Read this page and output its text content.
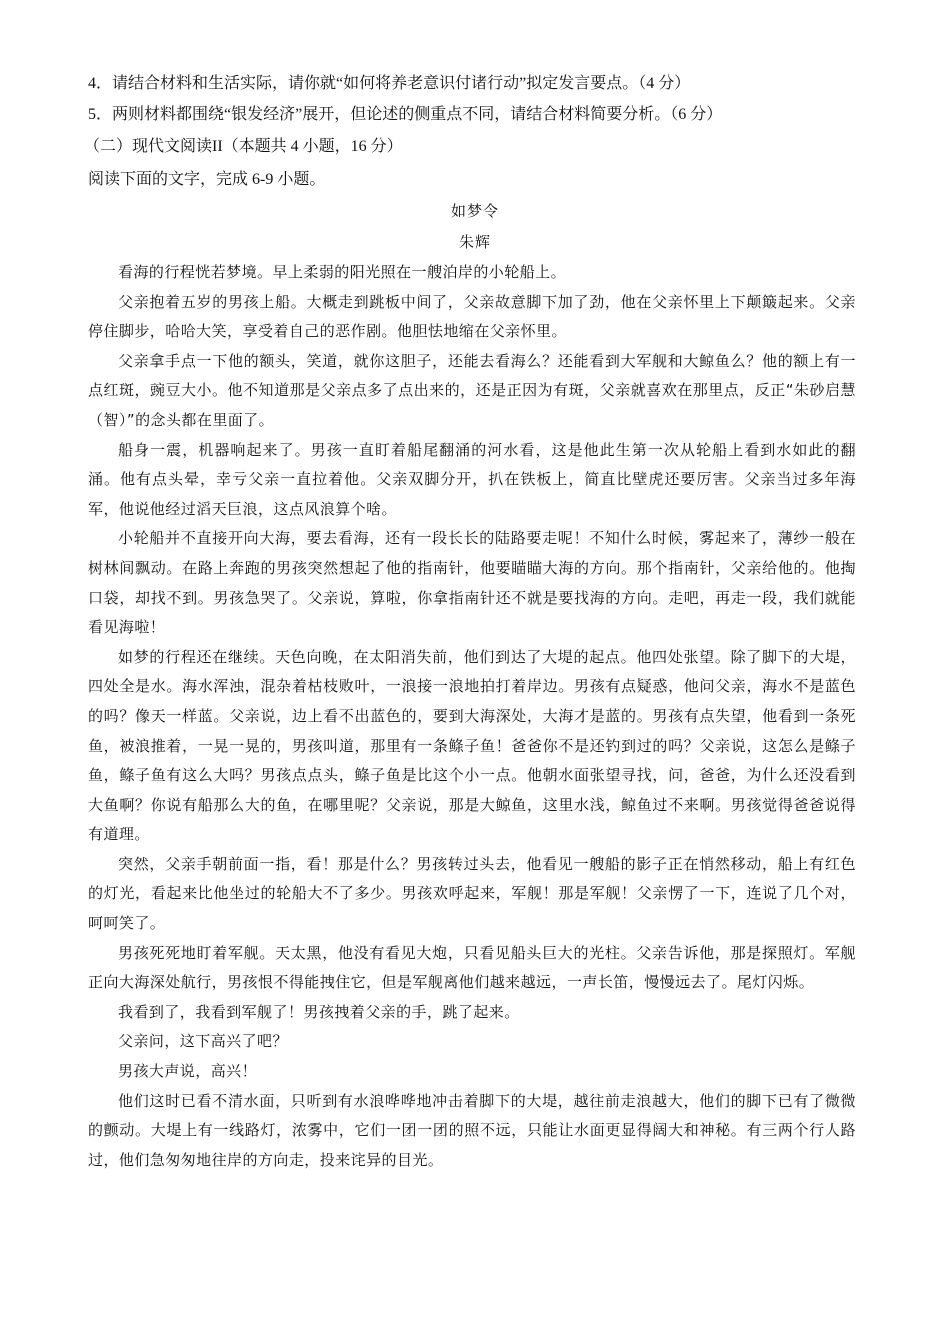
4．请结合材料和生活实际，请你就“如何将养老意识付诸行动”拟定发言要点。（4 分）
5．两则材料都围绕“银发经济”展开，但论述的侧重点不同，请结合材料简要分析。（6 分）
（二）现代文阅读II（本题共 4 小题，16 分）
阅读下面的文字，完成 6-9 小题。
如梦令
朱辉

看海的行程恍若梦境。早上柔弱的阳光照在一艘泊岸的小轮船上。

父亲抱着五岁的男孩上船。大概走到跳板中间了，父亲故意脚下加了劲，他在父亲怀里上下颠簸起来。父亲停住脚步，哈哈大笑，享受着自己的恶作剧。他胆怯地缩在父亲怀里。

父亲拿手点一下他的额头，笑道，就你这胆子，还能去看海么？还能看到大军舰和大鲸鱼么？他的额上有一点红斑，豌豆大小。他不知道那是父亲点多了点出来的，还是正因为有斑，父亲就喜欢在那里点，反正“朱砂启慧（智）”的念头都在里面了。

船身一震，机器响起来了。男孩一直盯着船尾翻涌的河水看，这是他此生第一次从轮船上看到水如此的翻涌。他有点头晕，幸亏父亲一直拉着他。父亲双脚分开，扒在铁板上，简直比壁虎还要厉害。父亲当过多年海军，他说他经过滔天巨浪，这点风浪算个啥。

小轮船并不直接开向大海，要去看海，还有一段长长的陆路要走呢！不知什么时候，雾起来了，薄纱一般在树林间飘动。在路上奔跑的男孩突然想起了他的指南针，他要瞄瞄大海的方向。那个指南针，父亲给他的。他掏口袋，却找不到。男孩急哭了。父亲说，算啦，你拿指南针还不就是要找海的方向。走吧，再走一段，我们就能看见海啦！

如梦的行程还在继续。天色向晚，在太阳消失前，他们到达了大堤的起点。他四处张望。除了脚下的大堤，四处全是水。海水浑浊，混杂着枯枝败叶，一浪接一浪地拍打着岸边。男孩有点疑惑，他问父亲，海水不是蓝色的吗？像天一样蓝。父亲说，边上看不出蓝色的，要到大海深处，大海才是蓝的。男孩有点失望，他看到一条死鱼，被浪推着，一晃一晃的，男孩叫道，那里有一条鲦子鱼！爸爸你不是还钓到过的吗？父亲说，这怎么是鲦子鱼，鲦子鱼有这么大吗？男孩点点头，鲦子鱼是比这个小一点。他朝水面张望寻找，问，爸爸，为什么还没看到大鱼啊？你说有船那么大的鱼，在哪里呢？父亲说，那是大鲸鱼，这里水浅，鲸鱼过不来啊。男孩觉得爸爸说得有道理。

突然，父亲手朝前面一指，看！那是什么？男孩转过头去，他看见一艘船的影子正在悄然移动，船上有红色的灯光，看起来比他坐过的轮船大不了多少。男孩欢呼起来，军舰！那是军舰！父亲愣了一下，连说了几个对，呵呵笑了。

男孩死死地盯着军舰。天太黑，他没有看见大炮，只看见船头巨大的光柱。父亲告诉他，那是探照灯。军舰正向大海深处航行，男孩恨不得能拽住它，但是军舰离他们越来越远，一声长笛，慢慢远去了。尾灯闪烁。

我看到了，我看到军舰了！男孩拽着父亲的手，跳了起来。

父亲问，这下高兴了吧？

男孩大声说，高兴！

他们这时已看不清水面，只听到有水浪哗哗地冲击着脚下的大堤，越往前走浪越大，他们的脚下已有了微微的颤动。大堤上有一线路灯，浓雾中，它们一团一团的照不远，只能让水面更显得阔大和神秘。有三两个行人路过，他们急匆匆地往岸的方向走，投来诧异的目光。
